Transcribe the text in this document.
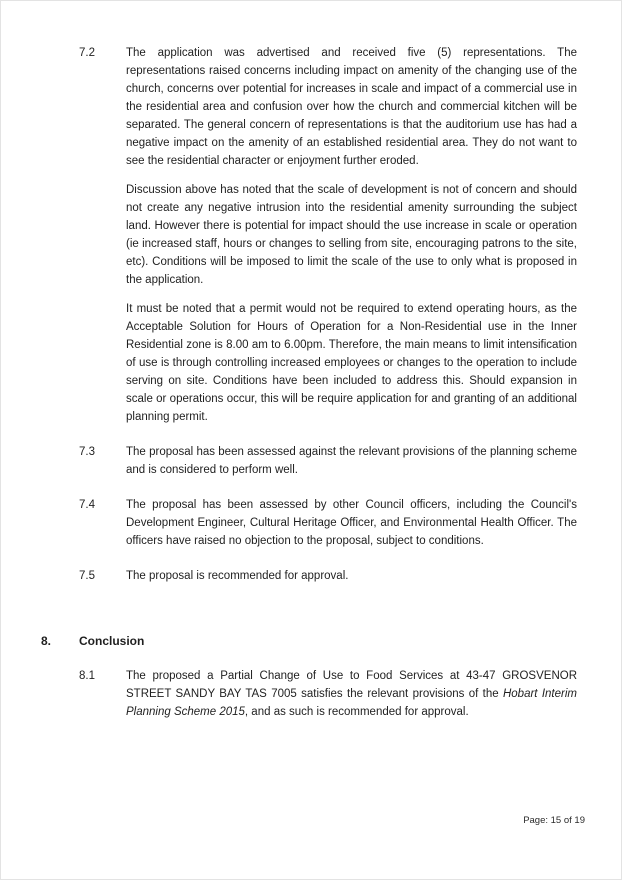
7.2	The application was advertised and received five (5) representations. The representations raised concerns including impact on amenity of the changing use of the church, concerns over potential for increases in scale and impact of a commercial use in the residential area and confusion over how the church and commercial kitchen will be separated. The general concern of representations is that the auditorium use has had a negative impact on the amenity of an established residential area. They do not want to see the residential character or enjoyment further eroded.

Discussion above has noted that the scale of development is not of concern and should not create any negative intrusion into the residential amenity surrounding the subject land. However there is potential for impact should the use increase in scale or operation (ie increased staff, hours or changes to selling from site, encouraging patrons to the site, etc). Conditions will be imposed to limit the scale of the use to only what is proposed in the application.

It must be noted that a permit would not be required to extend operating hours, as the Acceptable Solution for Hours of Operation for a Non-Residential use in the Inner Residential zone is 8.00 am to 6.00pm. Therefore, the main means to limit intensification of use is through controlling increased employees or changes to the operation to include serving on site. Conditions have been included to address this. Should expansion in scale or operations occur, this will be require application for and granting of an additional planning permit.

7.3	The proposal has been assessed against the relevant provisions of the planning scheme and is considered to perform well.

7.4	The proposal has been assessed by other Council officers, including the Council's Development Engineer, Cultural Heritage Officer, and Environmental Health Officer. The officers have raised no objection to the proposal, subject to conditions.

7.5	The proposal is recommended for approval.

8.	Conclusion
8.1	The proposed a Partial Change of Use to Food Services at 43-47 GROSVENOR STREET SANDY BAY TAS 7005 satisfies the relevant provisions of the Hobart Interim Planning Scheme 2015, and as such is recommended for approval.

Page: 15 of 19
